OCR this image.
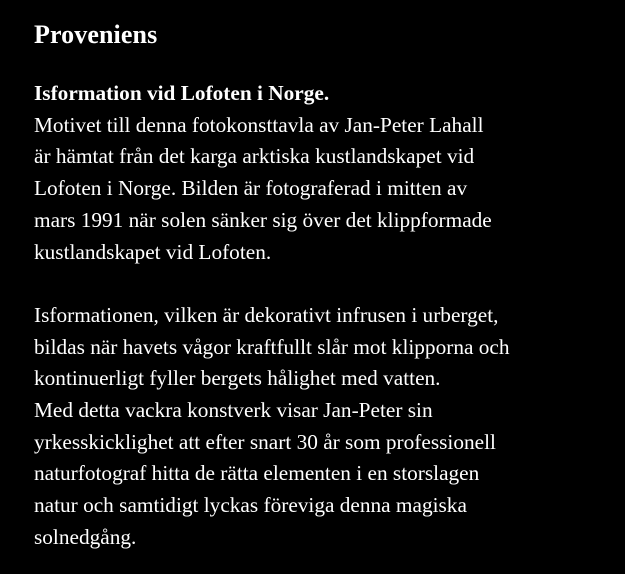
Proveniens
Isformation vid Lofoten i Norge.
Motivet till denna fotokonsttavla av Jan-Peter Lahall
är hämtat från det karga arktiska kustlandskapet vid
Lofoten i Norge. Bilden är fotograferad i mitten av
mars 1991 när solen sänker sig över det klippformade
kustlandskapet vid Lofoten.
Isformationen, vilken är dekorativt infrusen i urberget,
bildas när havets vågor kraftfullt slår mot klipporna och
kontinuerligt fyller bergets hålighet med vatten.
Med detta vackra konstverk visar Jan-Peter sin
yrkesskicklighet att efter snart 30 år som professionell
naturfotograf hitta de rätta elementen i en storslagen
natur och samtidigt lyckas föreviga denna magiska
solnedgång.
